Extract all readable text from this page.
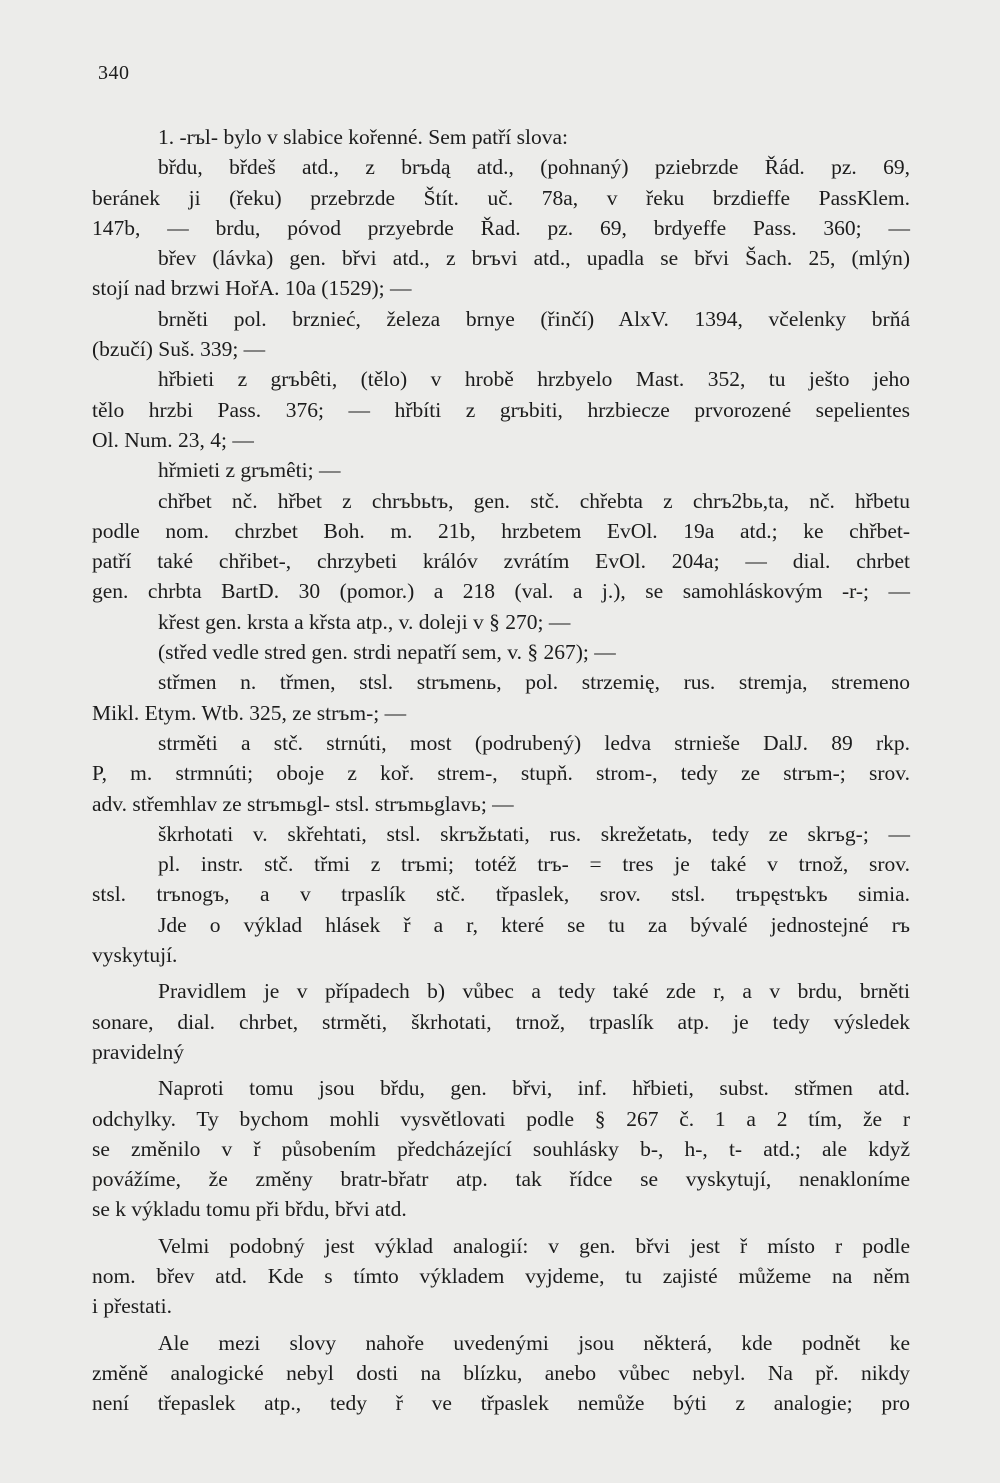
340
1. -rъl- bylo v slabice kořenné. Sem patří slova:
břdu, břdeš atd., z brъdą atd., (pohnaný) pziebrzde Řád. pz. 69,
beránek ji (řeku) przebrzde Štít. uč. 78a, v řeku brzdieffe PassKlem.
147b, — brdu, póvod przyebrde Řad. pz. 69, brdyeffe Pass. 360; —
břev (lávka) gen. břvi atd., z brъvi atd., upadla se břvi Šach. 25, (mlýn)
stojí nad brzwi HořA. 10a (1529); —
brněti pol. brznieć, železa brnye (řinčí) AlxV. 1394, včelenky brňá
(bzučí) Suš. 339; —
hřbieti z grъbêti, (tělo) v hrobě hrzbyelo Mast. 352, tu ješto jeho
tělo hrzbi Pass. 376; — hřbíti z grъbiti, hrzbiecze prvorozené sepelientes
Ol. Num. 23, 4; —
hřmieti z grъmêti; —
chřbet nč. hřbet z chrъbьtъ, gen. stč. chřebta z chrъ2bь,ta, nč. hřbetu
podle nom. chrzbet Boh. m. 21b, hrzbetem EvOl. 19a atd.; ke chřbet-
patří také chřibet-, chrzybeti králóv zvrátím EvOl. 204a; — dial. chrbet
gen. chrbta BartD. 30 (pomor.) a 218 (val. a j.), se samohláskovým -r-; —
křest gen. krsta a křsta atp., v. doleji v § 270; —
(střed vedle stred gen. strdi nepatří sem, v. § 267); —
střmen n. třmen, stsl. strъmenь, pol. strzemię, rus. stremja, stremeno
Mikl. Etym. Wtb. 325, ze strъm-; —
strměti a stč. strnúti, most (podrubený) ledva strnieše DalJ. 89 rkp.
P, m. strmnúti; oboje z koř. strem-, stupň. strom-, tedy ze strъm-; srov.
adv. střemhlav ze strъmьgl- stsl. strъmьglavь; —
škrhotati v. skřehtati, stsl. skrъžьtati, rus. skrežetatь, tedy ze skrъg-; —
pl. instr. stč. třmi z trъmi; totéž trъ- = tres je také v trnož, srov.
stsl. trъnogъ, a v trpaslík stč. třpaslek, srov. stsl. trъpęstъkъ simia.
Jde o výklad hlásek ř a r, které se tu za bývalé jednostejné rъ
vyskytují.
Pravidlem je v případech b) vůbec a tedy také zde r, a v brdu, brněti
sonare, dial. chrbet, strměti, škrhotati, trnož, trpaslík atp. je tedy výsledek
pravidelný
Naproti tomu jsou břdu, gen. břvi, inf. hřbieti, subst. střmen atd.
odchylky. Ty bychom mohli vysvětlovati podle § 267 č. 1 a 2 tím, že r
se změnilo v ř působením předcházející souhlásky b-, h-, t- atd.; ale když
povážíme, že změny bratr-břatr atp. tak řídce se vyskytují, nenakloníme
se k výkladu tomu při břdu, břvi atd.
Velmi podobný jest výklad analogií: v gen. břvi jest ř místo r podle
nom. břev atd. Kde s tímto výkladem vyjdeme, tu zajisté můžeme na něm
i přestati.
Ale mezi slovy nahoře uvedenými jsou některá, kde podnět ke
změně analogické nebyl dosti na blízku, anebo vůbec nebyl. Na př. nikdy
není třepaslek atp., tedy ř ve třpaslek nemůže býti z analogie; pro
